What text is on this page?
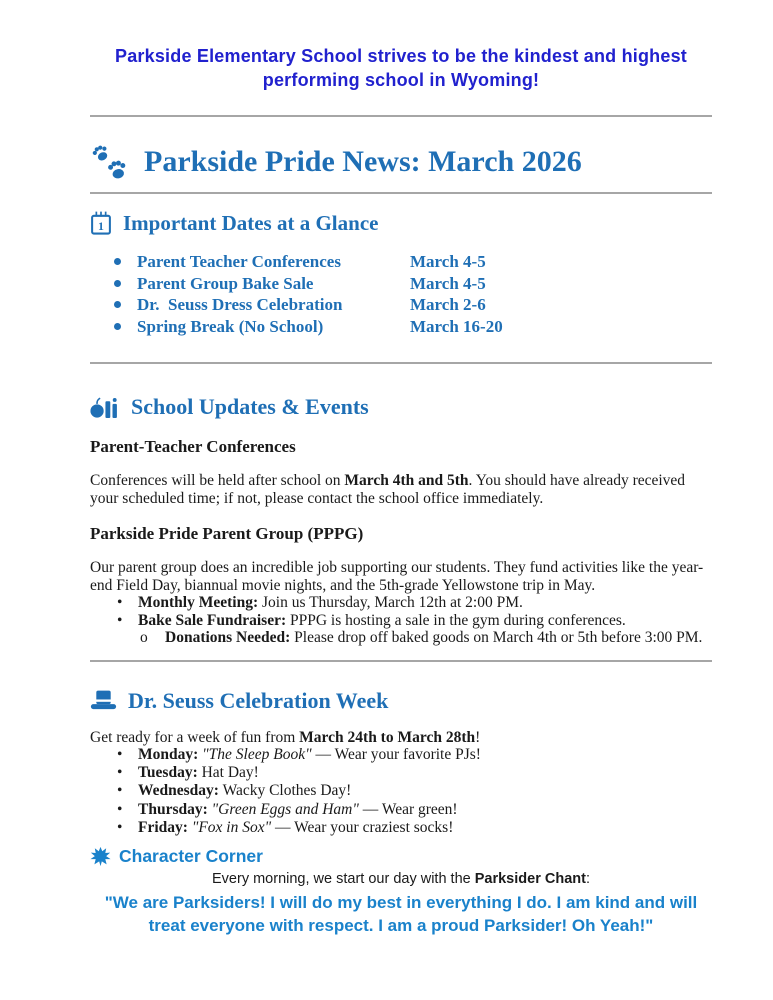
Parkside Elementary School strives to be the kindest and highest performing school in Wyoming!
Parkside Pride News: March 2026
1 Important Dates at a Glance
Parent Teacher Conferences	March 4-5
Parent Group Bake Sale	March 4-5
Dr.  Seuss Dress Celebration	March 2-6
Spring Break (No School)	March 16-20
School Updates & Events
Parent-Teacher Conferences

Conferences will be held after school on March 4th and 5th. You should have already received your scheduled time; if not, please contact the school office immediately.

Parkside Pride Parent Group (PPPG)

Our parent group does an incredible job supporting our students. They fund activities like the year-end Field Day, biannual movie nights, and the 5th-grade Yellowstone trip in May.

•	Monthly Meeting: Join us Thursday, March 12th at 2:00 PM.
•	Bake Sale Fundraiser: PPPG is hosting a sale in the gym during conferences.
o	Donations Needed: Please drop off baked goods on March 4th or 5th before 3:00 PM.
Dr. Seuss Celebration Week

Get ready for a week of fun from March 24th to March 28th!

•	Monday: "The Sleep Book" — Wear your favorite PJs!
•	Tuesday: Hat Day!
•	Wednesday: Wacky Clothes Day!
•	Thursday: "Green Eggs and Ham" — Wear green!
•	Friday: "Fox in Sox" — Wear your craziest socks!
Character Corner

Every morning, we start our day with the Parksider Chant:

"We are Parksiders! I will do my best in everything I do. I am kind and will treat everyone with respect. I am a proud Parksider! Oh Yeah!"
